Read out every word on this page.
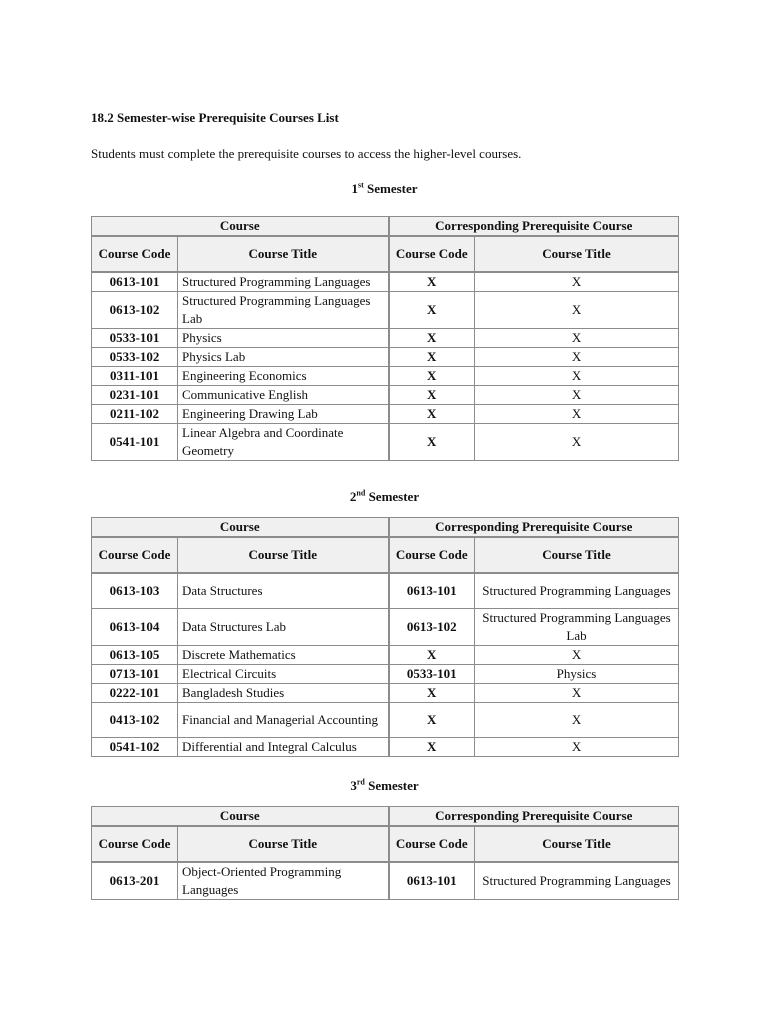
18.2 Semester-wise Prerequisite Courses List

Students must complete the prerequisite courses to access the higher-level courses.

1st Semester

Course		Corresponding Prerequisite Course	
Course Code	Course Title	Course Code	Course Title
0613-101	Structured Programming Languages	X	X
0613-102	Structured Programming Languages Lab	X	X
0533-101	Physics	X	X
0533-102	Physics Lab	X	X
0311-101	Engineering Economics	X	X
0231-101	Communicative English	X	X
0211-102	Engineering Drawing Lab	X	X
0541-101	Linear Algebra and Coordinate Geometry	X	X

2nd Semester

Course		Corresponding Prerequisite Course	
Course Code	Course Title	Course Code	Course Title
0613-103	Data Structures	0613-101	Structured Programming Languages
0613-104	Data Structures Lab	0613-102	Structured Programming Languages Lab
0613-105	Discrete Mathematics	X	X
0713-101	Electrical Circuits	0533-101	Physics
0222-101	Bangladesh Studies	X	X
0413-102	Financial and Managerial Accounting	X	X
0541-102	Differential and Integral Calculus	X	X

3rd Semester

Course		Corresponding Prerequisite Course	
Course Code	Course Title	Course Code	Course Title
0613-201	Object-Oriented Programming Languages	0613-101	Structured Programming Languages
